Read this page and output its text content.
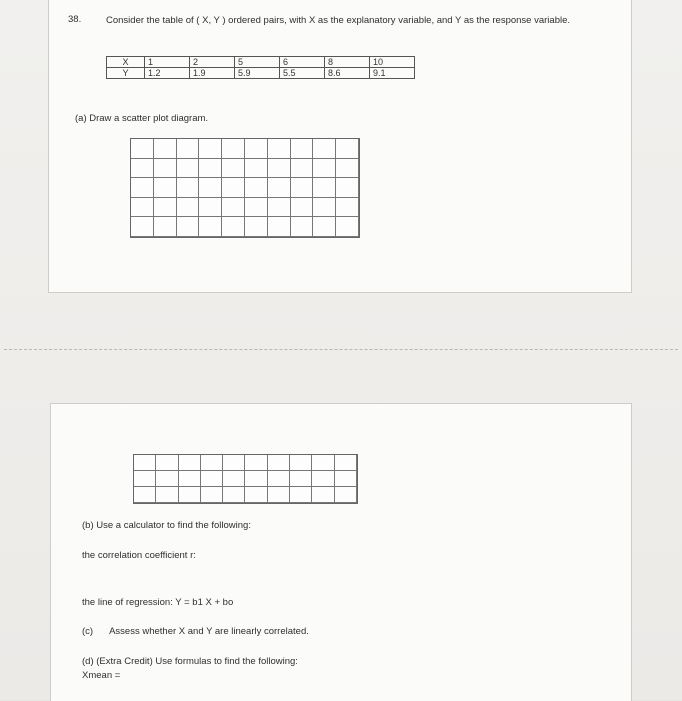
38.	Consider the table of ( X, Y ) ordered pairs, with X as the explanatory variable, and Y as the response variable.
X	1	2	5	6	8	10
Y	1.2	1.9	5.9	5.5	8.6	9.1
(a) Draw a scatter plot diagram.
(b) Use a calculator to find the following:
the correlation coefficient r:
the line of regression: Y = b1 X + bo
(c) Assess whether X and Y are linearly correlated.
(d) (Extra Credit) Use formulas to find the following:
Xmean =
